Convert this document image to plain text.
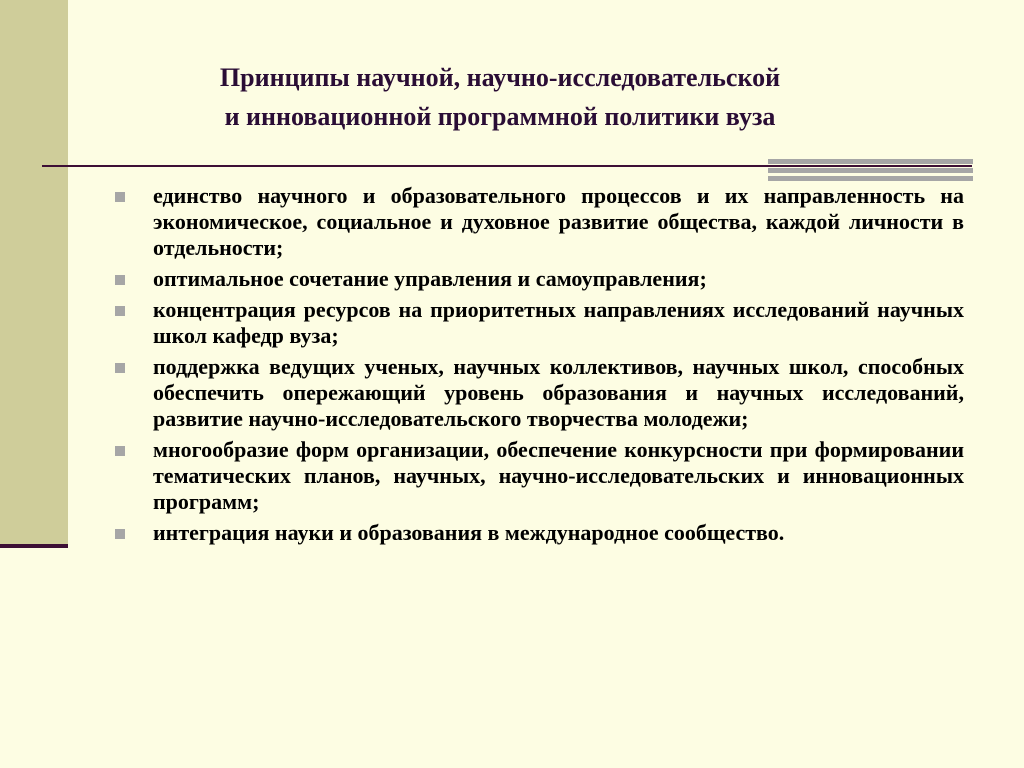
Принципы научной, научно-исследовательской
и инновационной программной политики вуза
единство научного и образовательного процессов и их направленность на экономическое, социальное и духовное развитие общества, каждой личности в отдельности;
оптимальное сочетание управления и самоуправления;
концентрация ресурсов на приоритетных направлениях исследований научных школ кафедр вуза;
поддержка ведущих ученых, научных коллективов, научных школ, способных обеспечить опережающий уровень образования и научных исследований, развитие научно-исследовательского творчества молодежи;
многообразие форм организации, обеспечение конкурсности при формировании тематических планов, научных, научно-исследовательских и инновационных программ;
интеграция науки и образования в международное сообщество.
